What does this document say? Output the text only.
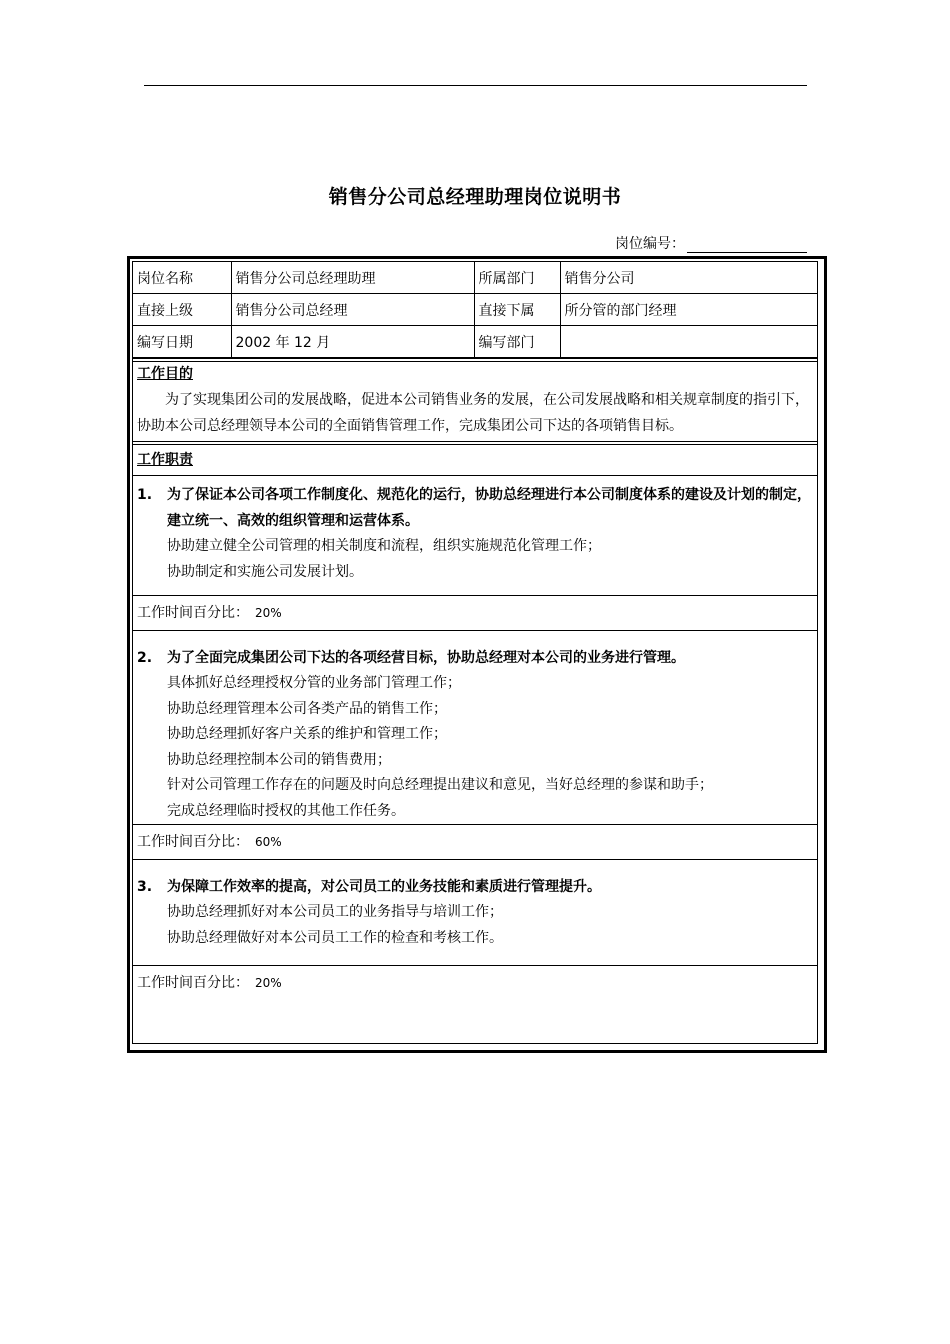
销售分公司总经理助理岗位说明书
岗位编号：
岗位名称	销售分公司总经理助理	所属部门	销售分公司
直接上级	销售分公司总经理	直接下属	所分管的部门经理
编写日期	2002 年 12 月	编写部门	
工作目的
为了实现集团公司的发展战略，促进本公司销售业务的发展，在公司发展战略和相关规章制度的指引下，协助本公司总经理领导本公司的全面销售管理工作，完成集团公司下达的各项销售目标。
工作职责
1.	为了保证本公司各项工作制度化、规范化的运行，协助总经理进行本公司制度体系的建设及计划的制定，建立统一、高效的组织管理和运营体系。
协助建立健全公司管理的相关制度和流程，组织实施规范化管理工作；
协助制定和实施公司发展计划。
工作时间百分比： 20%
2.	为了全面完成集团公司下达的各项经营目标，协助总经理对本公司的业务进行管理。
具体抓好总经理授权分管的业务部门管理工作；
协助总经理管理本公司各类产品的销售工作；
协助总经理抓好客户关系的维护和管理工作；
协助总经理控制本公司的销售费用；
针对公司管理工作存在的问题及时向总经理提出建议和意见，当好总经理的参谋和助手；
完成总经理临时授权的其他工作任务。
工作时间百分比： 60%
3.	为保障工作效率的提高，对公司员工的业务技能和素质进行管理提升。
协助总经理抓好对本公司员工的业务指导与培训工作；
协助总经理做好对本公司员工工作的检查和考核工作。
工作时间百分比： 20%
